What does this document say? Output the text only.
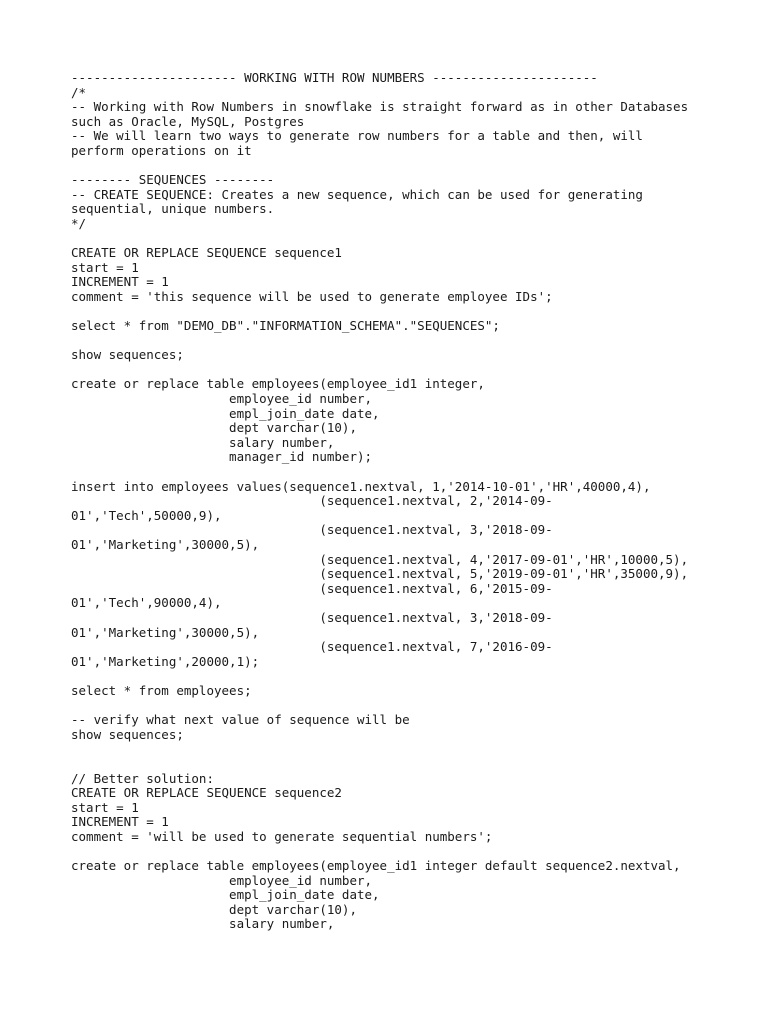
---------------------- WORKING WITH ROW NUMBERS ----------------------
/*
-- Working with Row Numbers in snowflake is straight forward as in other Databases
such as Oracle, MySQL, Postgres
-- We will learn two ways to generate row numbers for a table and then, will
perform operations on it
-------- SEQUENCES --------
-- CREATE SEQUENCE: Creates a new sequence, which can be used for generating
sequential, unique numbers.
*/
CREATE OR REPLACE SEQUENCE sequence1
start = 1
INCREMENT = 1
comment = 'this sequence will be used to generate employee IDs';
select * from "DEMO_DB"."INFORMATION_SCHEMA"."SEQUENCES";
show sequences;
create or replace table employees(employee_id1 integer,
employee_id number,
empl_join_date date,
dept varchar(10),
salary number,
manager_id number);
insert into employees values(sequence1.nextval, 1,'2014-10-01','HR',40000,4),
(sequence1.nextval, 2,'2014-09-
01','Tech',50000,9),
(sequence1.nextval, 3,'2018-09-
01','Marketing',30000,5),
(sequence1.nextval, 4,'2017-09-01','HR',10000,5),
(sequence1.nextval, 5,'2019-09-01','HR',35000,9),
(sequence1.nextval, 6,'2015-09-
01','Tech',90000,4),
(sequence1.nextval, 3,'2018-09-
01','Marketing',30000,5),
(sequence1.nextval, 7,'2016-09-
01','Marketing',20000,1);
select * from employees;
-- verify what next value of sequence will be
show sequences;
// Better solution:
CREATE OR REPLACE SEQUENCE sequence2
start = 1
INCREMENT = 1
comment = 'will be used to generate sequential numbers';
create or replace table employees(employee_id1 integer default sequence2.nextval,
employee_id number,
empl_join_date date,
dept varchar(10),
salary number,
